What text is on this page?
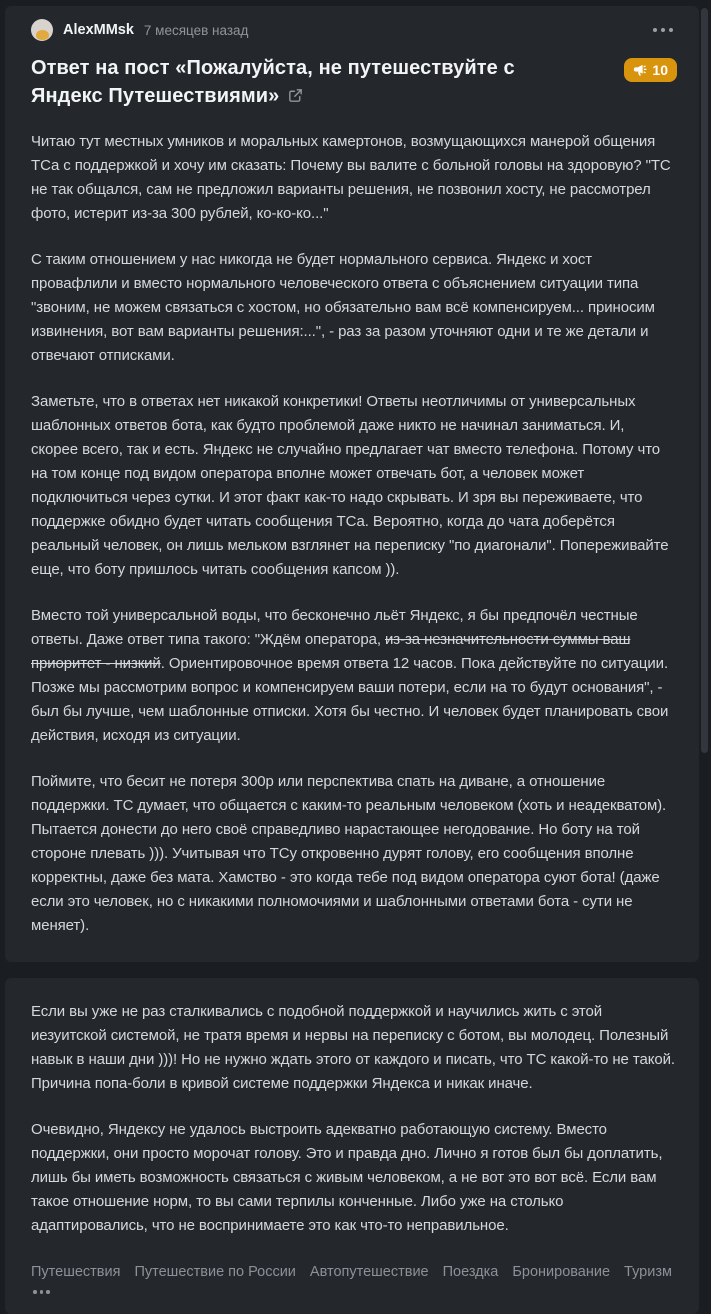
AlexMMsk 7 месяцев назад
Ответ на пост «Пожалуйста, не путешествуйте с Яндекс Путешествиями»
10

Читаю тут местных умников и моральных камертонов, возмущающихся манерой общения ТСа с поддержкой и хочу им сказать: Почему вы валите с больной головы на здоровую? "ТС не так общался, сам не предложил варианты решения, не позвонил хосту, не рассмотрел фото, истерит из-за 300 рублей, ко-ко-ко..."

С таким отношением у нас никогда не будет нормального сервиса. Яндекс и хост провафлили и вместо нормального человеческого ответа с объяснением ситуации типа "звоним, не можем связаться с хостом, но обязательно вам всё компенсируем... приносим извинения, вот вам варианты решения:...", - раз за разом уточняют одни и те же детали и отвечают отписками.

Заметьте, что в ответах нет никакой конкретики! Ответы неотличимы от универсальных шаблонных ответов бота, как будто проблемой даже никто не начинал заниматься. И, скорее всего, так и есть. Яндекс не случайно предлагает чат вместо телефона. Потому что на том конце под видом оператора вполне может отвечать бот, а человек может подключиться через сутки. И этот факт как-то надо скрывать. И зря вы переживаете, что поддержке обидно будет читать сообщения ТСа. Вероятно, когда до чата доберётся реальный человек, он лишь мельком взглянет на переписку "по диагонали". Попереживайте еще, что боту пришлось читать сообщения капсом )).

Вместо той универсальной воды, что бесконечно льёт Яндекс, я бы предпочёл честные ответы. Даже ответ типа такого: "Ждём оператора, из-за незначительности суммы ваш приоритет - низкий. Ориентировочное время ответа 12 часов. Пока действуйте по ситуации. Позже мы рассмотрим вопрос и компенсируем ваши потери, если на то будут основания", - был бы лучше, чем шаблонные отписки. Хотя бы честно. И человек будет планировать свои действия, исходя из ситуации.

Поймите, что бесит не потеря 300р или перспектива спать на диване, а отношение поддержки. ТС думает, что общается с каким-то реальным человеком (хоть и неадекватом). Пытается донести до него своё справедливо нарастающее негодование. Но боту на той стороне плевать ))). Учитывая что ТСу откровенно дурят голову, его сообщения вполне корректны, даже без мата. Хамство - это когда тебе под видом оператора суют бота! (даже если это человек, но с никакими полномочиями и шаблонными ответами бота - сути не меняет).

Если вы уже не раз сталкивались с подобной поддержкой и научились жить с этой иезуитской системой, не тратя время и нервы на переписку с ботом, вы молодец. Полезный навык в наши дни )))! Но не нужно ждать этого от каждого и писать, что ТС какой-то не такой. Причина попа-боли в кривой системе поддержки Яндекса и никак иначе.

Очевидно, Яндексу не удалось выстроить адекватно работающую систему. Вместо поддержки, они просто морочат голову. Это и правда дно. Лично я готов был бы доплатить, лишь бы иметь возможность связаться с живым человеком, а не вот это вот всё. Если вам такое отношение норм, то вы сами терпилы конченные. Либо уже на столько адаптировались, что не воспринимаете это как что-то неправильное.

Путешествия Путешествие по России Автопутешествие Поездка Бронирование Туризм
